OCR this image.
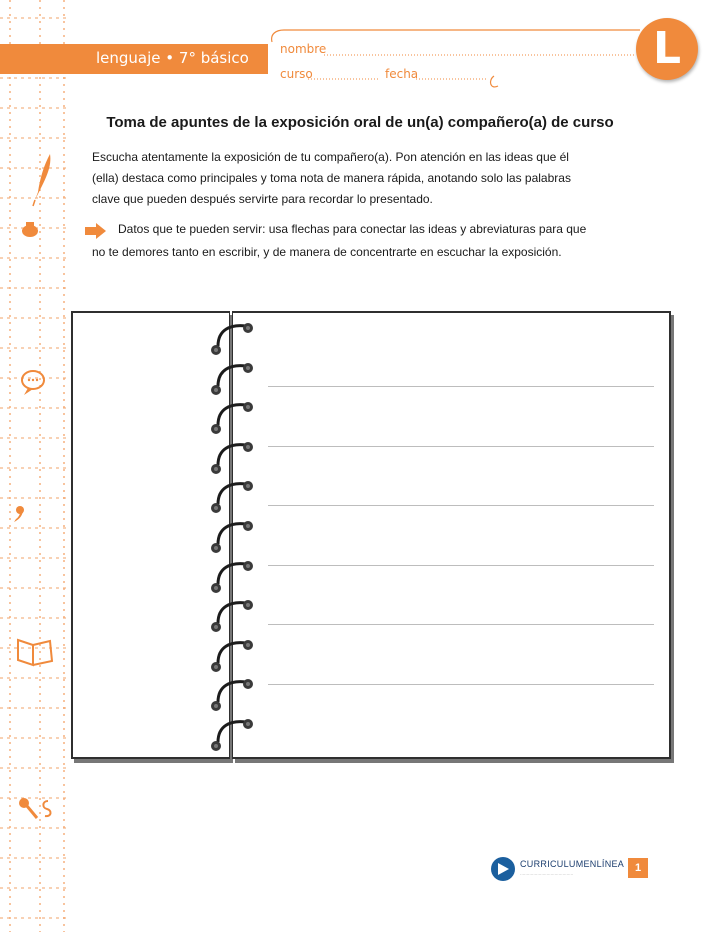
lenguaje • 7° básico	nombre
curso	fecha	L
Toma de apuntes de la exposición oral de un(a) compañero(a) de curso
Escucha atentamente la exposición de tu compañero(a). Pon atención en las ideas que él
(ella) destaca como principales y toma nota de manera rápida, anotando solo las palabras
clave que pueden después servirte para recordar lo presentado.
Datos que te pueden servir: usa flechas para conectar las ideas y abreviaturas para que
no te demores tanto en escribir, y de manera de concentrarte en escuchar la exposición.
CURRICULUMENLÍNEA
········································
1
